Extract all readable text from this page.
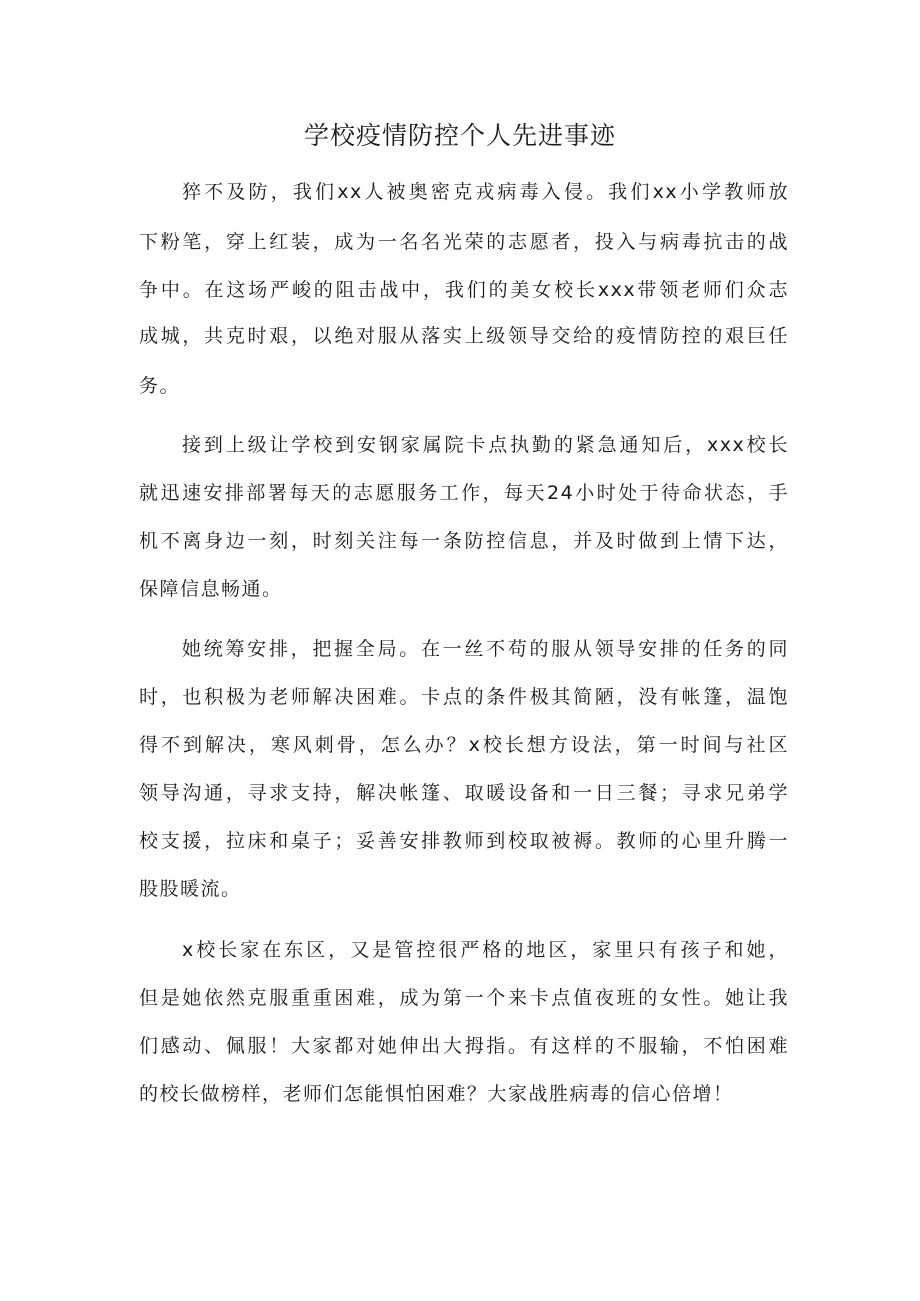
学校疫情防控个人先进事迹
猝不及防，我们xx人被奥密克戎病毒入侵。我们xx小学教师放
下粉笔，穿上红装，成为一名名光荣的志愿者，投入与病毒抗击的战
争中。在这场严峻的阻击战中，我们的美女校长xxx带领老师们众志
成城，共克时艰，以绝对服从落实上级领导交给的疫情防控的艰巨任
务。
接到上级让学校到安钢家属院卡点执勤的紧急通知后，xxx校长
就迅速安排部署每天的志愿服务工作，每天24小时处于待命状态，手
机不离身边一刻，时刻关注每一条防控信息，并及时做到上情下达，
保障信息畅通。
她统筹安排，把握全局。在一丝不苟的服从领导安排的任务的同
时，也积极为老师解决困难。卡点的条件极其简陋，没有帐篷，温饱
得不到解决，寒风刺骨，怎么办？x校长想方设法，第一时间与社区
领导沟通，寻求支持，解决帐篷、取暖设备和一日三餐；寻求兄弟学
校支援，拉床和桌子；妥善安排教师到校取被褥。教师的心里升腾一
股股暖流。
x校长家在东区，又是管控很严格的地区，家里只有孩子和她，
但是她依然克服重重困难，成为第一个来卡点值夜班的女性。她让我
们感动、佩服！大家都对她伸出大拇指。有这样的不服输，不怕困难
的校长做榜样，老师们怎能惧怕困难？大家战胜病毒的信心倍增！
